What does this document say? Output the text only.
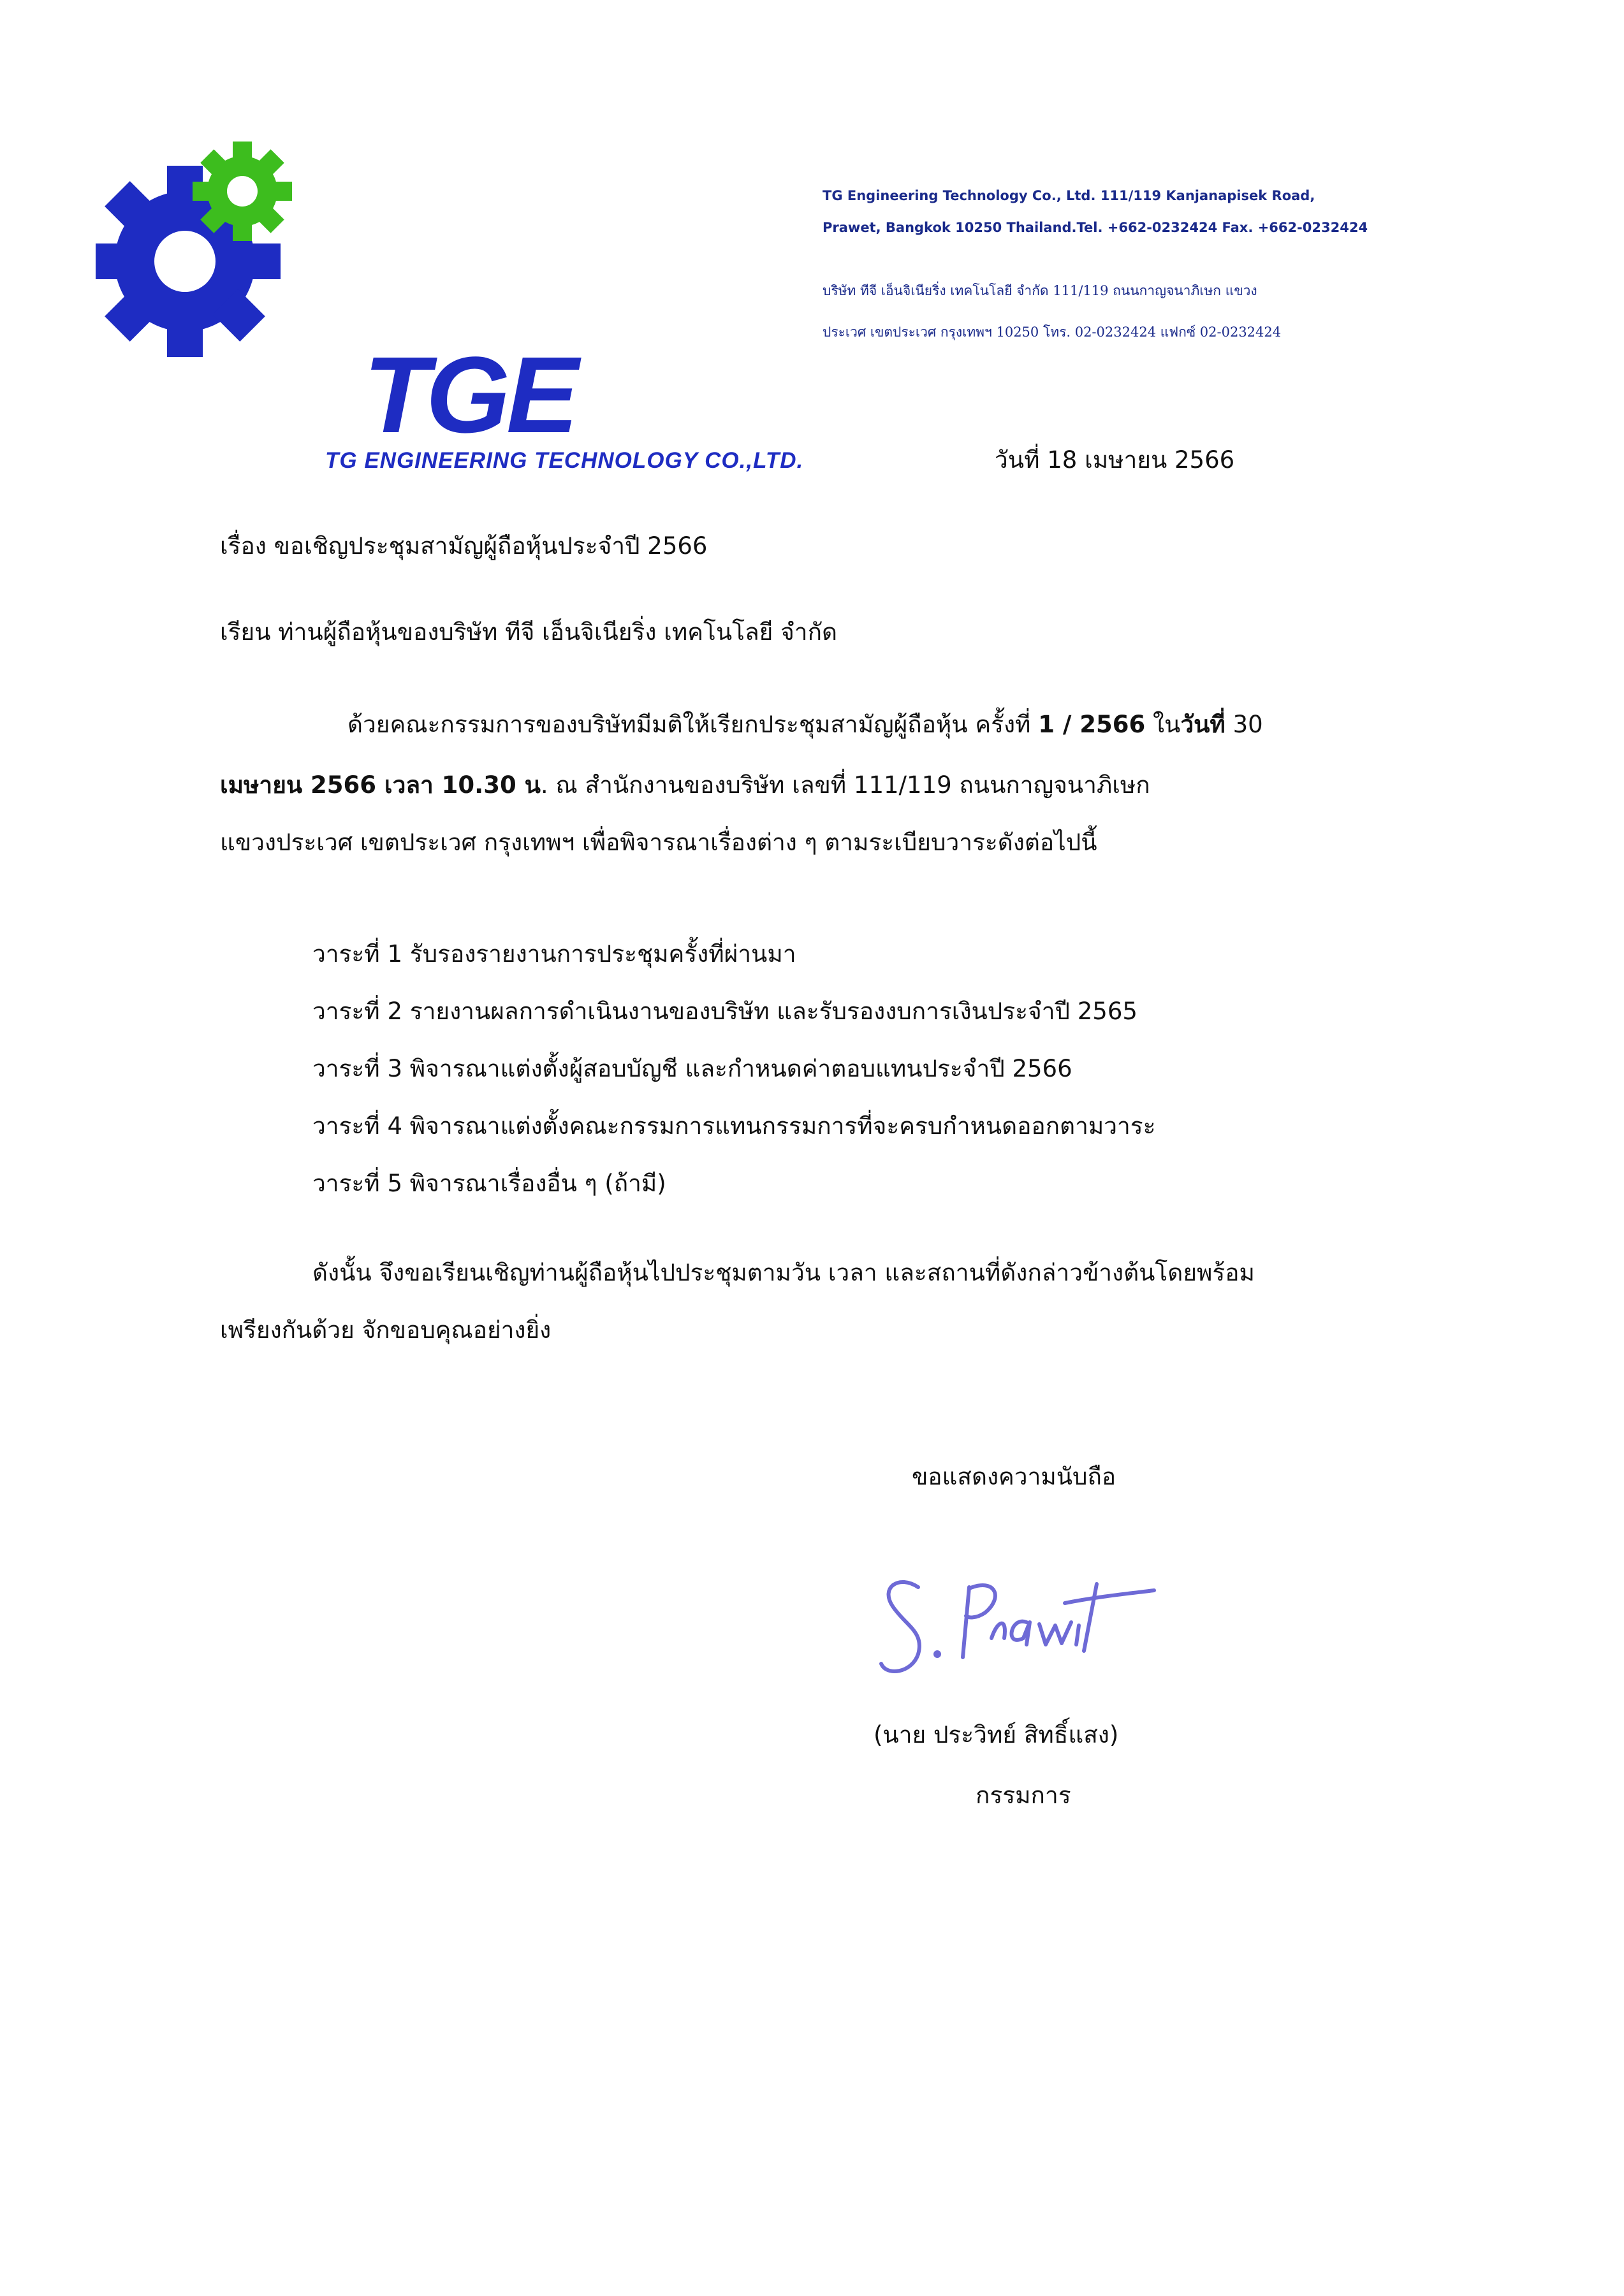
TGE
TG ENGINEERING TECHNOLOGY CO.,LTD.
TG Engineering Technology Co., Ltd. 111/119 Kanjanapisek Road,
Prawet, Bangkok 10250 Thailand.Tel. +662-0232424 Fax. +662-0232424
บริษัท ทีจี เอ็นจิเนียริ่ง เทคโนโลยี จำกัด 111/119 ถนนกาญจนาภิเษก แขวง
ประเวศ เขตประเวศ กรุงเทพฯ 10250 โทร. 02-0232424 แฟกซ์ 02-0232424
วันที่ 18 เมษายน 2566
เรื่อง ขอเชิญประชุมสามัญผู้ถือหุ้นประจำปี 2566
เรียน ท่านผู้ถือหุ้นของบริษัท ทีจี เอ็นจิเนียริ่ง เทคโนโลยี จำกัด
ด้วยคณะกรรมการของบริษัทมีมติให้เรียกประชุมสามัญผู้ถือหุ้น ครั้งที่ 1 / 2566 ในวันที่ 30
เมษายน 2566 เวลา 10.30 น. ณ สำนักงานของบริษัท เลขที่ 111/119 ถนนกาญจนาภิเษก
แขวงประเวศ เขตประเวศ กรุงเทพฯ เพื่อพิจารณาเรื่องต่าง ๆ ตามระเบียบวาระดังต่อไปนี้
วาระที่ 1 รับรองรายงานการประชุมครั้งที่ผ่านมา
วาระที่ 2 รายงานผลการดำเนินงานของบริษัท และรับรองงบการเงินประจำปี 2565
วาระที่ 3 พิจารณาแต่งตั้งผู้สอบบัญชี และกำหนดค่าตอบแทนประจำปี 2566
วาระที่ 4 พิจารณาแต่งตั้งคณะกรรมการแทนกรรมการที่จะครบกำหนดออกตามวาระ
วาระที่ 5 พิจารณาเรื่องอื่น ๆ (ถ้ามี)
ดังนั้น จึงขอเรียนเชิญท่านผู้ถือหุ้นไปประชุมตามวัน เวลา และสถานที่ดังกล่าวข้างต้นโดยพร้อม
เพรียงกันด้วย จักขอบคุณอย่างยิ่ง
ขอแสดงความนับถือ
(นาย ประวิทย์ สิทธิ์แสง)
กรรมการ
